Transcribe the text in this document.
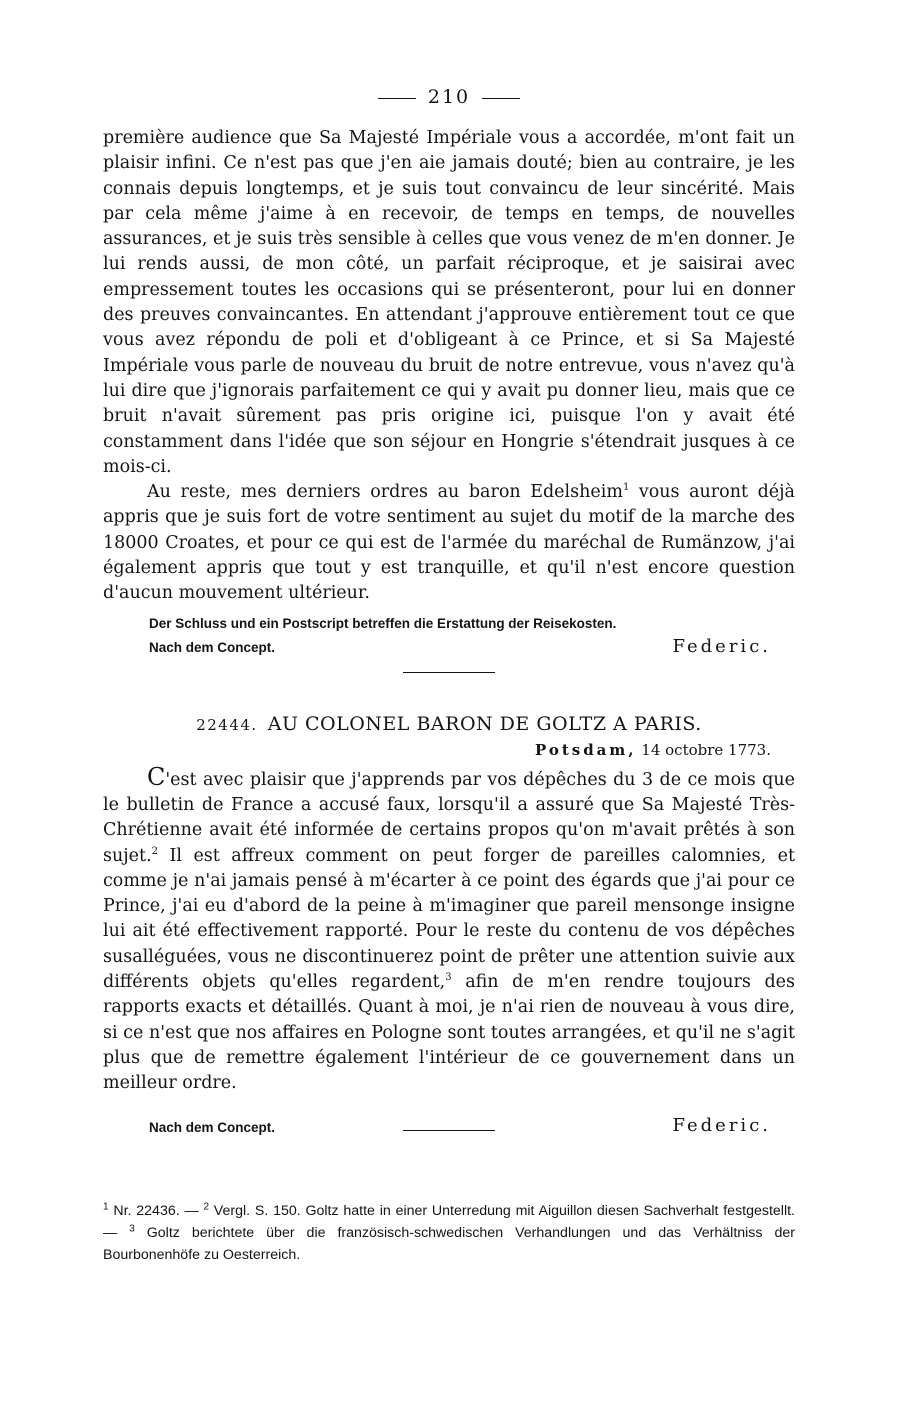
210

première audience que Sa Majesté Impériale vous a accordée, m'ont fait un plaisir infini. Ce n'est pas que j'en aie jamais douté; bien au contraire, je les connais depuis longtemps, et je suis tout convaincu de leur sincérité. Mais par cela même j'aime à en recevoir, de temps en temps, de nouvelles assurances, et je suis très sensible à celles que vous venez de m'en donner. Je lui rends aussi, de mon côté, un parfait réciproque, et je saisirai avec empressement toutes les occasions qui se présenteront, pour lui en donner des preuves convaincantes. En attendant j'approuve entièrement tout ce que vous avez répondu de poli et d'obligeant à ce Prince, et si Sa Majesté Impériale vous parle de nouveau du bruit de notre entrevue, vous n'avez qu'à lui dire que j'ignorais parfaitement ce qui y avait pu donner lieu, mais que ce bruit n'avait sûrement pas pris origine ici, puisque l'on y avait été constamment dans l'idée que son séjour en Hongrie s'étendrait jusques à ce mois-ci.

Au reste, mes derniers ordres au baron Edelsheim$^1$ vous auront déjà appris que je suis fort de votre sentiment au sujet du motif de la marche des 18000 Croates, et pour ce qui est de l'armée du maréchal de Rumänzow, j'ai également appris que tout y est tranquille, et qu'il n'est encore question d'aucun mouvement ultérieur.

Der Schluss und ein Postscript betreffen die Erstattung der Reisekosten.
Nach dem Concept.	Federic.
22444. AU COLONEL BARON DE GOLTZ A PARIS.
Potsdam, 14 octobre 1773.

C'est avec plaisir que j'apprends par vos dépêches du 3 de ce mois que le bulletin de France a accusé faux, lorsqu'il a assuré que Sa Majesté Très-Chrétienne avait été informée de certains propos qu'on m'avait prêtés à son sujet.$^2$ Il est affreux comment on peut forger de pareilles calomnies, et comme je n'ai jamais pensé à m'écarter à ce point des égards que j'ai pour ce Prince, j'ai eu d'abord de la peine à m'imaginer que pareil mensonge insigne lui ait été effectivement rapporté. Pour le reste du contenu de vos dépêches susalléguées, vous ne discontinuerez point de prêter une attention suivie aux différents objets qu'elles regardent,$^3$ afin de m'en rendre toujours des rapports exacts et détaillés. Quant à moi, je n'ai rien de nouveau à vous dire, si ce n'est que nos affaires en Pologne sont toutes arrangées, et qu'il ne s'agit plus que de remettre également l'intérieur de ce gouvernement dans un meilleur ordre.

Nach dem Concept.	Federic.
$^1$ Nr. 22436. — $^2$ Vergl. S. 150. Goltz hatte in einer Unterredung mit Aiguillon diesen Sachverhalt festgestellt. — $^3$ Goltz berichtete über die französisch-schwedischen Verhandlungen und das Verhältniss der Bourbonenhöfe zu Oesterreich.
